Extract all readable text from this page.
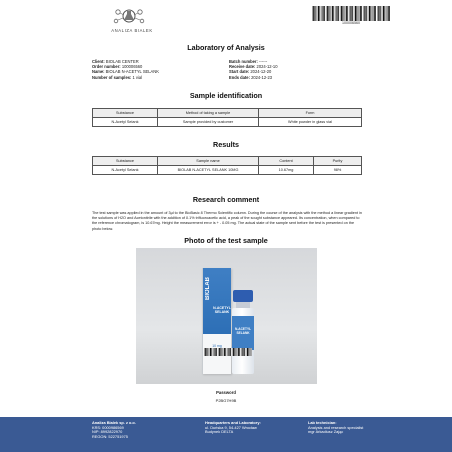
ANALIZA BIALEK
100006560
Laboratory of Analysis
Client: BIOLAB CENTER
Order number: 100006560
Name: BIOLAB N-ACETYL SELANK
Number of samples: 1 vial
Batch number: ------
Receive date: 2024-12-10
Start date: 2024-12-20
Ends date: 2024-12-23
Sample identification
Substance	Method of taking a sample	Form
N-Acetyl Selank	Sample provided by customer	White powder in glass vial
Results
Substance	Sample name	Content	Purity
N-Acetyl Selank	BIOLAB N-ACETYL SELANK 10MG	10.67mg	98%
Research comment
The test sample was applied in the amount of 3µl to the BioBasic 8 Thermo Scientific column. During the course of the analysis with the method a linear gradient in the solutions of H2O and Acetonitrile with the addition of 0.1% trifluoroacetic acid, a peak of the sought substance appeared. Its concentration, when compared to the reference chromatogram, is 10.67mg. Height the measurement error is + - 0.05 mg. The actual state of the sample sent before the test is presented on the photo below.
Photo of the test sample
BIOLAB
N-ACETYL SELANK
10 mg
N-ACETYL SELANK
Password
P2BG7H9B
Analiza Bialek sp. z o.o.
KRS: 0000986569
NIP: 8992822970
REGON: 522751975
Headquarters and Laboratory:
ul. Duńska 9, 54-427 Wrocław
Budynek DELTA
Lab technician:
Analysis and research specialist
mgr Arkadiusz Zając
